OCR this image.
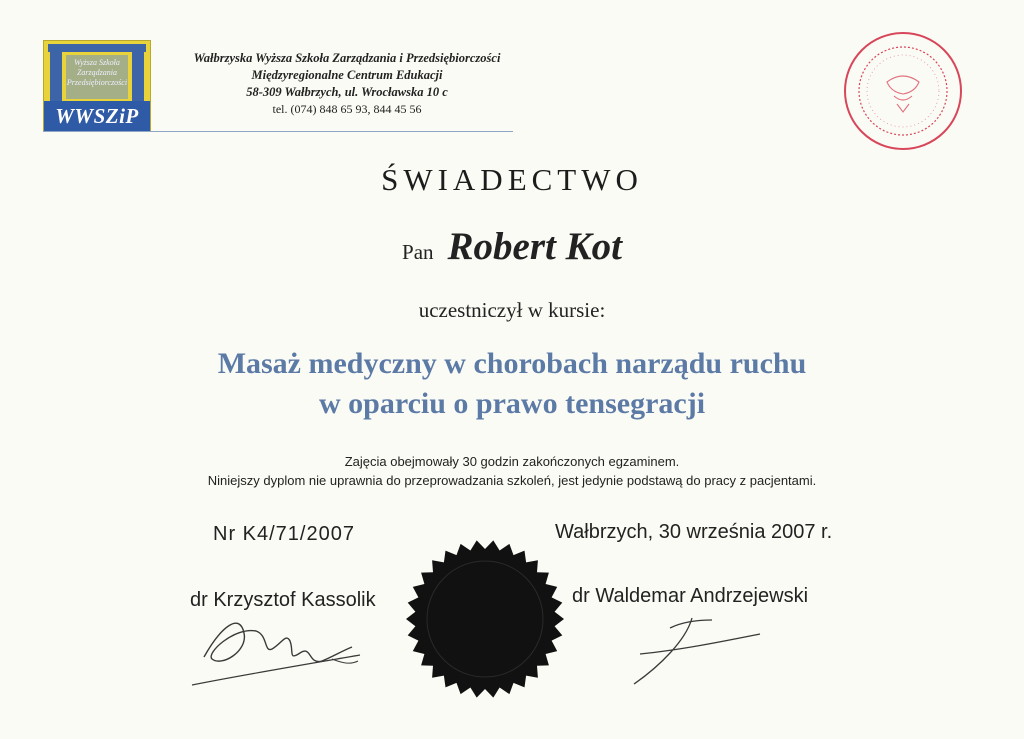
Wyższa Szkoła Zarządzania Przedsiębiorczości
WWSZiP
Wałbrzyska Wyższa Szkoła Zarządzania i Przedsiębiorczości
Międzyregionalne Centrum Edukacji
58-309 Wałbrzych, ul. Wrocławska 10 c
tel. (074) 848 65 93, 844 45 56
ŚWIADECTWO
Pan Robert Kot
uczestniczył w kursie:
Masaż medyczny w chorobach narządu ruchu
w oparciu o prawo tensegracji
Zajęcia obejmowały 30 godzin zakończonych egzaminem.
Niniejszy dyplom nie uprawnia do przeprowadzania szkoleń, jest jedynie podstawą do pracy z pacjentami.
Nr K4/71/2007	Wałbrzych, 30 września 2007 r.
dr Krzysztof Kassolik	dr Waldemar Andrzejewski
